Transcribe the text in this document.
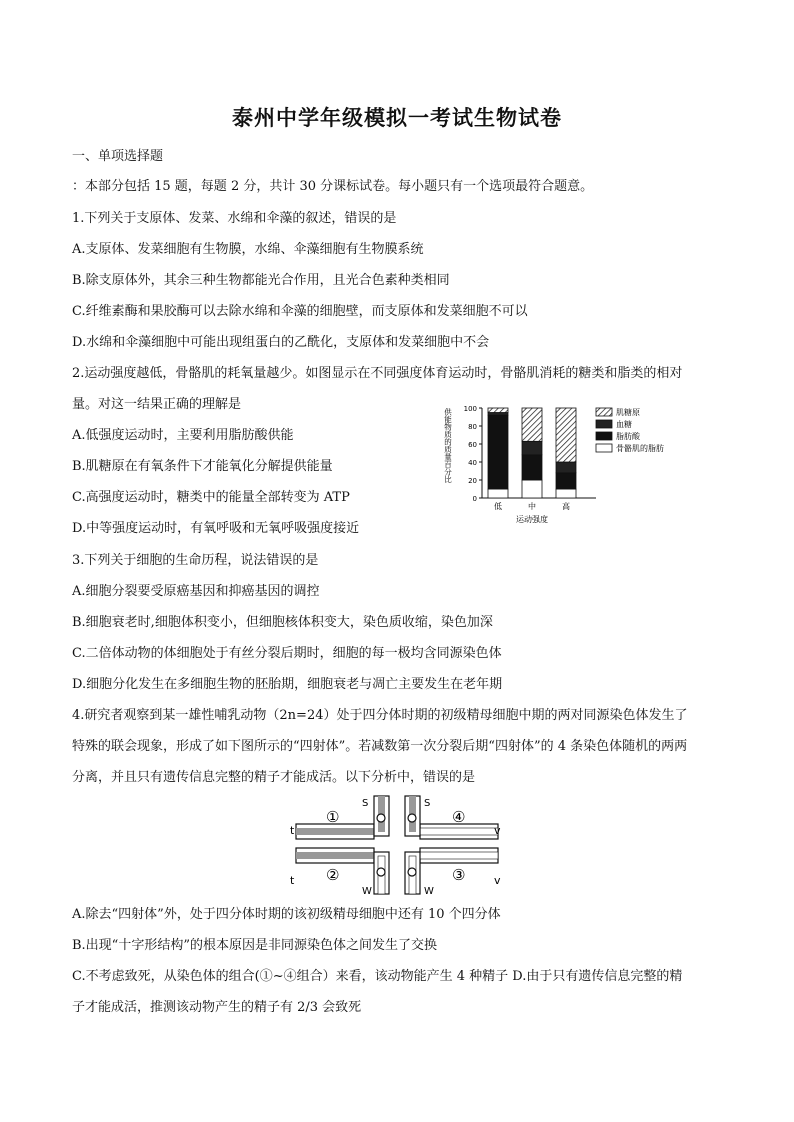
泰州中学年级模拟一考试生物试卷
一、单项选择题
：本部分包括 15 题，每题 2 分，共计 30 分课标试卷。每小题只有一个选项最符合题意。
1.下列关于支原体、发菜、水绵和伞藻的叙述，错误的是
A.支原体、发菜细胞有生物膜，水绵、伞藻细胞有生物膜系统
B.除支原体外，其余三种生物都能光合作用，且光合色素种类相同
C.纤维素酶和果胶酶可以去除水绵和伞藻的细胞壁，而支原体和发菜细胞不可以
D.水绵和伞藻细胞中可能出现组蛋白的乙酰化，支原体和发菜细胞中不会
2.运动强度越低，骨骼肌的耗氧量越少。如图显示在不同强度体育运动时，骨骼肌消耗的糖类和脂类的相对
量。对这一结果正确的理解是
A.低强度运动时，主要利用脂肪酸供能
B.肌糖原在有氧条件下才能氧化分解提供能量
C.高强度运动时，糖类中的能量全部转变为 ATP
D.中等强度运动时，有氧呼吸和无氧呼吸强度接近
3.下列关于细胞的生命历程，说法错误的是
A.细胞分裂要受原癌基因和抑癌基因的调控
B.细胞衰老时,细胞体积变小，但细胞核体积变大，染色质收缩，染色加深
C.二倍体动物的体细胞处于有丝分裂后期时，细胞的每一极均含同源染色体
D.细胞分化发生在多细胞生物的胚胎期，细胞衰老与凋亡主要发生在老年期
4.研究者观察到某一雄性哺乳动物（2n=24）处于四分体时期的初级精母细胞中期的两对同源染色体发生了
特殊的联会现象，形成了如下图所示的“四射体”。若减数第一次分裂后期“四射体”的 4 条染色体随机的两两
分离，并且只有遗传信息完整的精子才能成活。以下分析中，错误的是
A.除去“四射体”外，处于四分体时期的该初级精母细胞中还有 10 个四分体
B.出现“十字形结构”的根本原因是非同源染色体之间发生了交换
C.不考虑致死，从染色体的组合(①~④组合）来看，该动物能产生 4 种精子 D.由于只有遗传信息完整的精
子才能成活，推测该动物产生的精子有 2/3 会致死
0
20
40
60
80
100
供能物质的质量百分比
低	中	高
运动强度
肌糖原
血糖
脂肪酸
骨骼肌的脂肪
t
t
v
v
S	S
W	W
①
②	③
④
